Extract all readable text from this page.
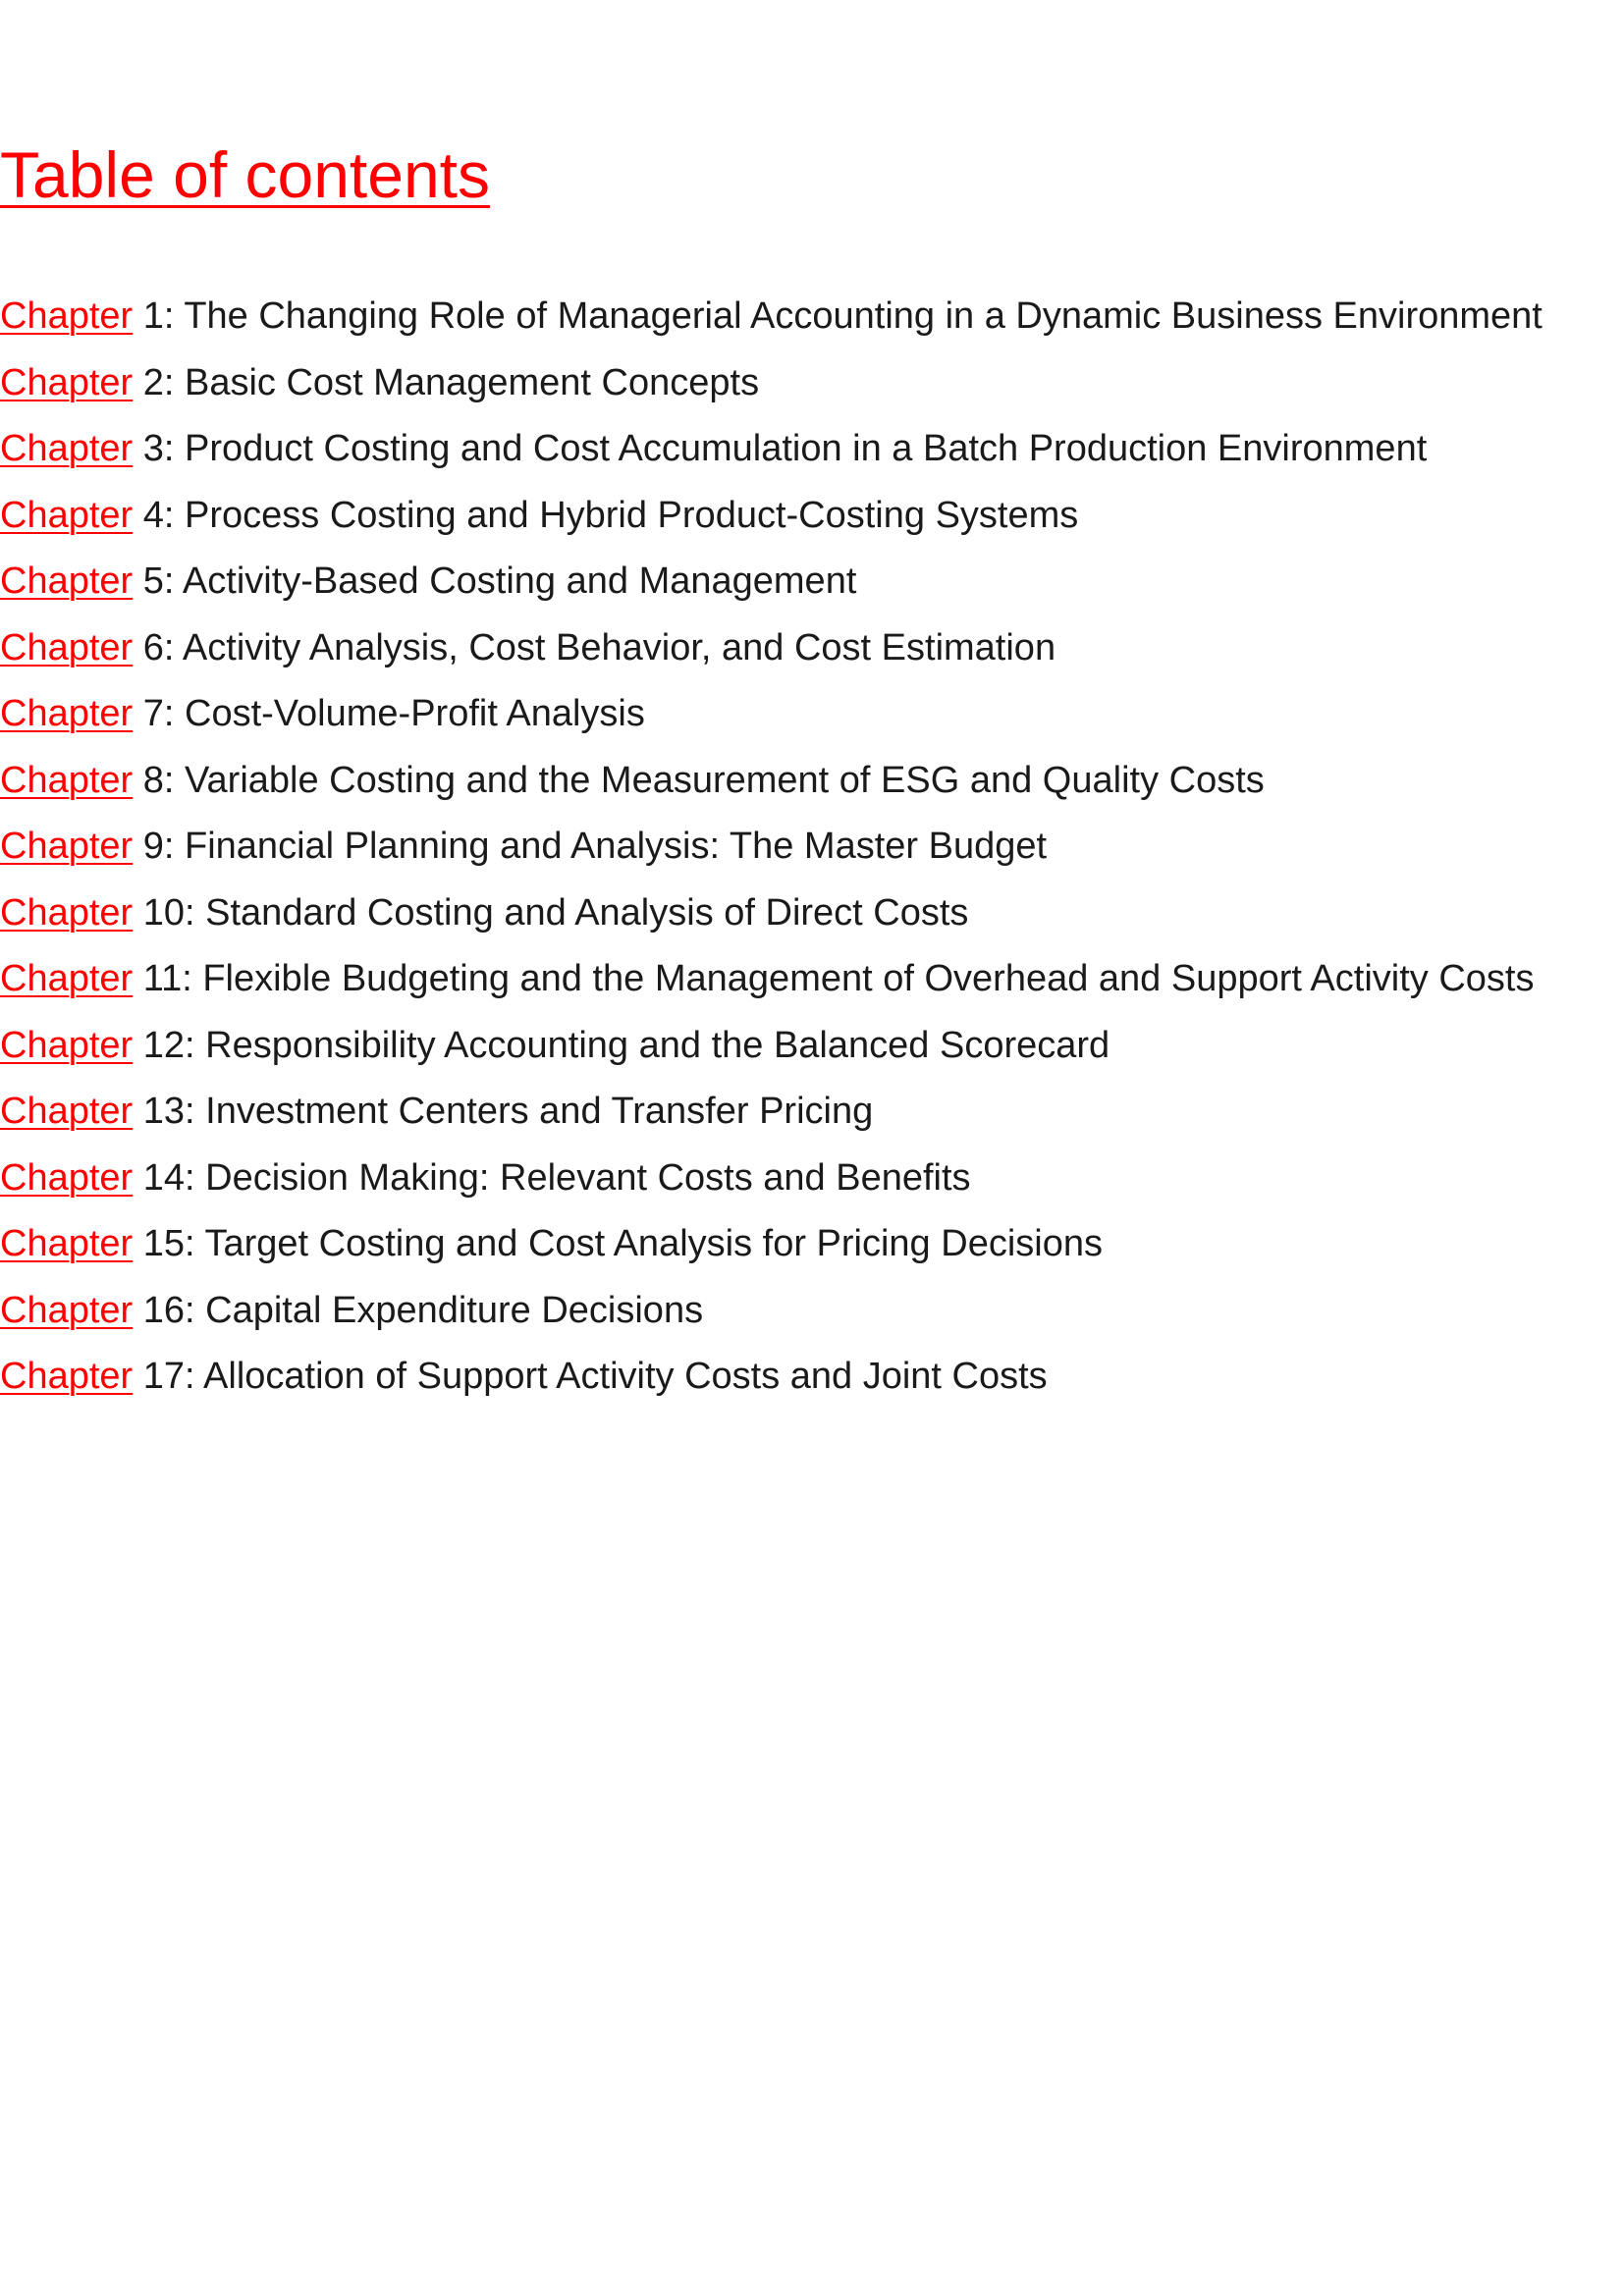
Table of contents
Chapter 1: The Changing Role of Managerial Accounting in a Dynamic Business Environment
Chapter 2: Basic Cost Management Concepts
Chapter 3: Product Costing and Cost Accumulation in a Batch Production Environment
Chapter 4: Process Costing and Hybrid Product-Costing Systems
Chapter 5: Activity-Based Costing and Management
Chapter 6: Activity Analysis, Cost Behavior, and Cost Estimation
Chapter 7: Cost-Volume-Profit Analysis
Chapter 8: Variable Costing and the Measurement of ESG and Quality Costs
Chapter 9: Financial Planning and Analysis: The Master Budget
Chapter 10: Standard Costing and Analysis of Direct Costs
Chapter 11: Flexible Budgeting and the Management of Overhead and Support Activity Costs
Chapter 12: Responsibility Accounting and the Balanced Scorecard
Chapter 13: Investment Centers and Transfer Pricing
Chapter 14: Decision Making: Relevant Costs and Benefits
Chapter 15: Target Costing and Cost Analysis for Pricing Decisions
Chapter 16: Capital Expenditure Decisions
Chapter 17: Allocation of Support Activity Costs and Joint Costs
